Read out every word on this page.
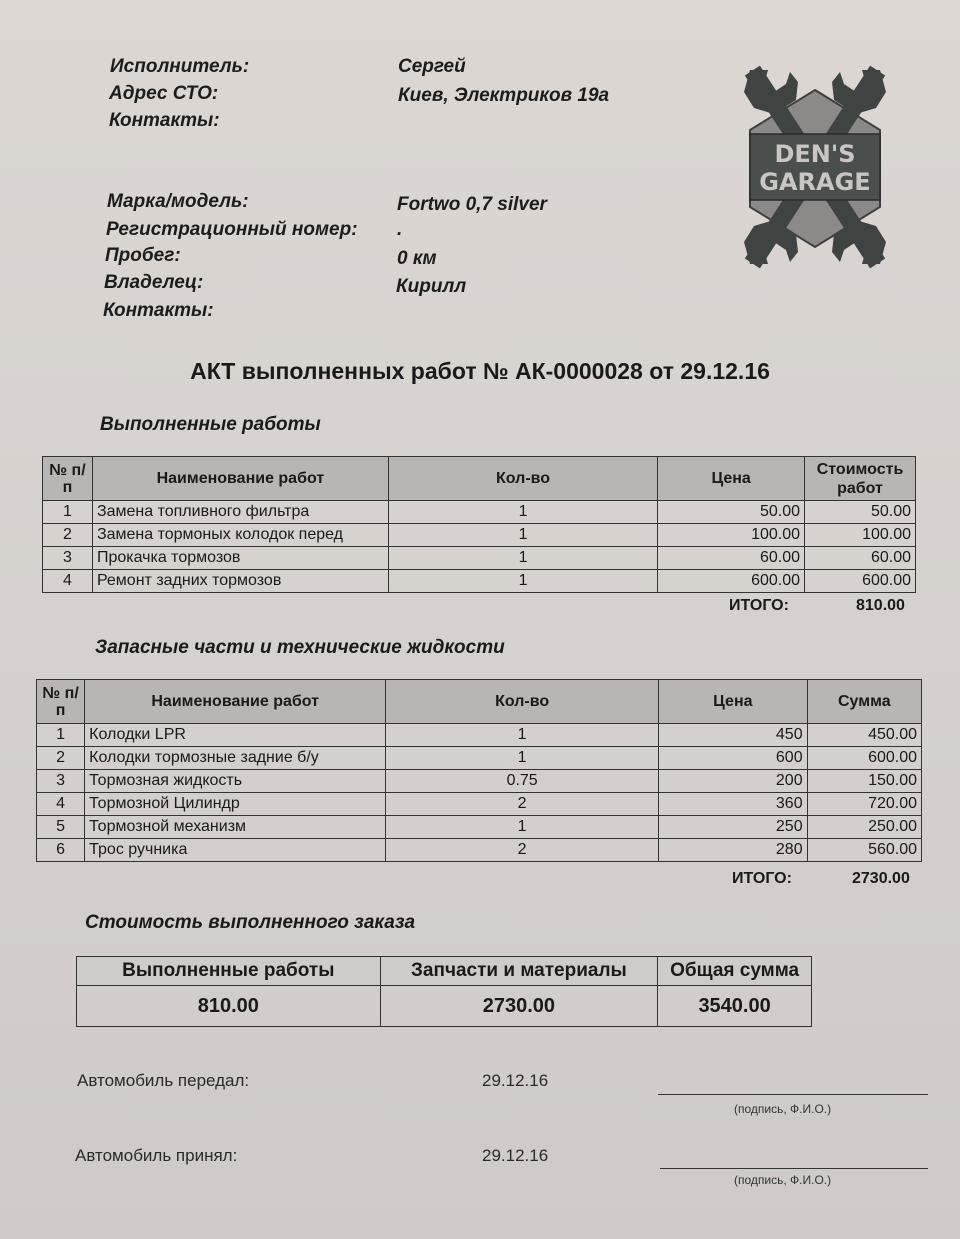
Исполнитель:	Сергей
Адрес СТО:	Киев, Электриков 19а
Контакты:
Марка/модель:	Fortwo 0,7 silver
Регистрационный номер: .
Пробег:	0 км
Владелец:	Кирилл
Контакты:
DEN'S
GARAGE
АКТ выполненных работ № АК-0000028 от 29.12.16
Выполненные работы
№ п/п	Наименование работ	Кол-во	Цена	Стоимость работ
1	Замена топливного фильтра	1	50.00	50.00
2	Замена тормоных колодок перед	1	100.00	100.00
3	Прокачка тормозов	1	60.00	60.00
4	Ремонт задних тормозов	1	600.00	600.00
ИТОГО:	810.00
Запасные части и технические жидкости
№ п/п	Наименование работ	Кол-во	Цена	Сумма
1	Колодки LPR	1	450	450.00
2	Колодки тормозные задние б/у	1	600	600.00
3	Тормозная жидкость	0.75	200	150.00
4	Тормозной Цилиндр	2	360	720.00
5	Тормозной механизм	1	250	250.00
6	Трос ручника	2	280	560.00
ИТОГО:	2730.00
Стоимость выполненного заказа
Выполненные работы	Запчасти и материалы	Общая сумма
810.00	2730.00	3540.00
Автомобиль передал:	29.12.16
(подпись, Ф.И.О.)
Автомобиль принял:	29.12.16
(подпись, Ф.И.О.)
